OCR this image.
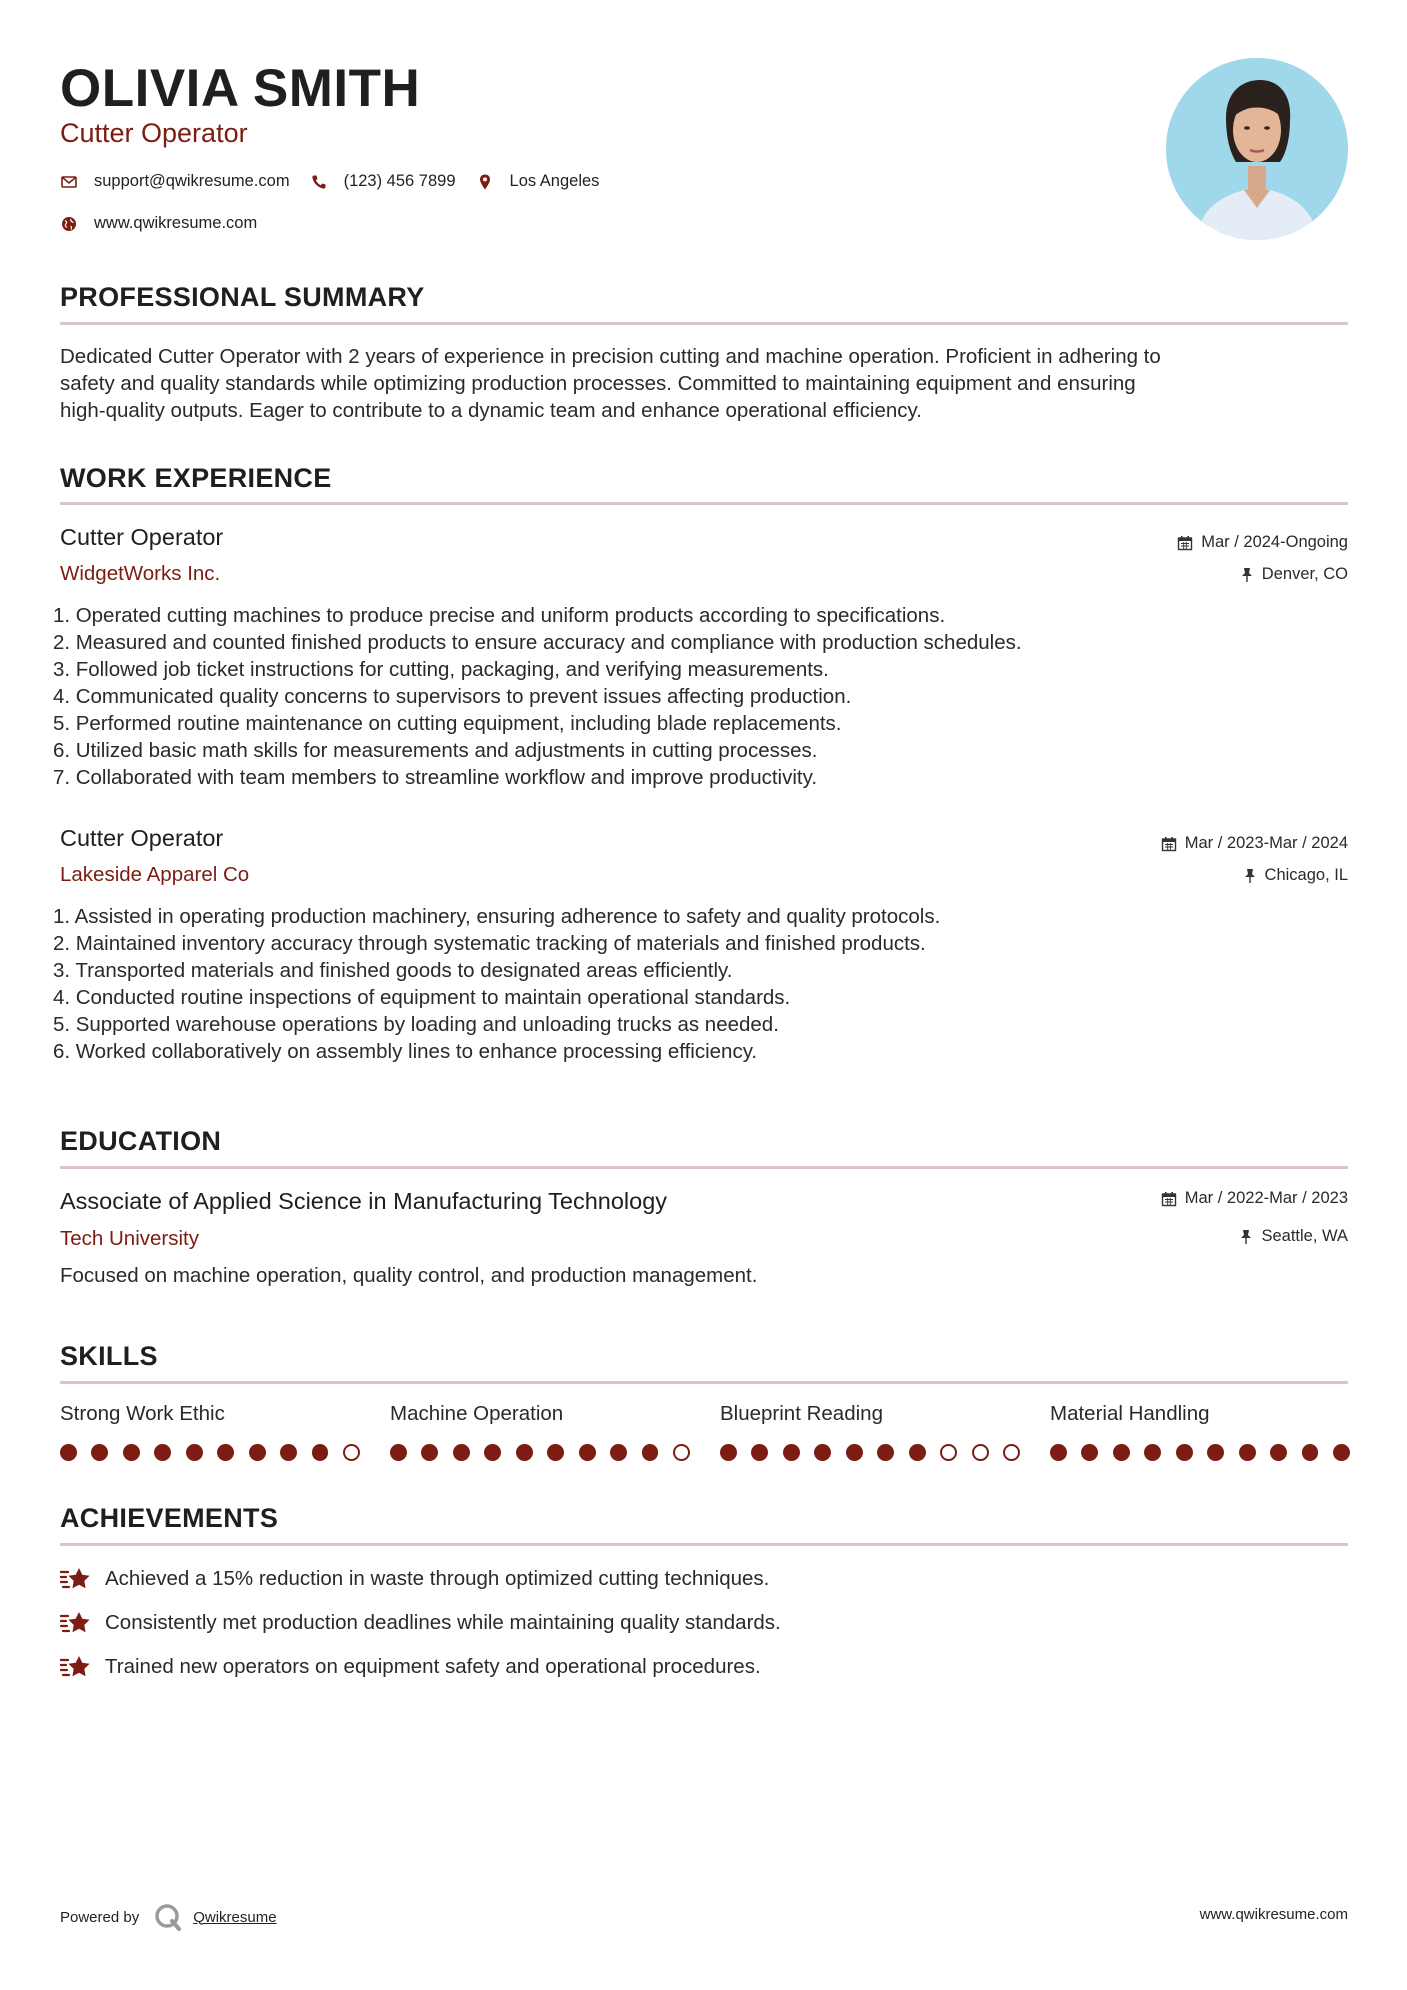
OLIVIA SMITH

Cutter Operator

support@qwikresume.com	(123) 456 7899	Los Angeles
www.qwikresume.com
PROFESSIONAL SUMMARY
Dedicated Cutter Operator with 2 years of experience in precision cutting and machine operation. Proficient in adhering to
safety and quality standards while optimizing production processes. Committed to maintaining equipment and ensuring
high-quality outputs. Eager to contribute to a dynamic team and enhance operational efficiency.
WORK EXPERIENCE

Cutter Operator

WidgetWorks Inc.

Mar / 2024-Ongoing
Denver, CO
1. Operated cutting machines to produce precise and uniform products according to specifications.
2. Measured and counted finished products to ensure accuracy and compliance with production schedules.
3. Followed job ticket instructions for cutting, packaging, and verifying measurements.
4. Communicated quality concerns to supervisors to prevent issues affecting production.
5. Performed routine maintenance on cutting equipment, including blade replacements.
6. Utilized basic math skills for measurements and adjustments in cutting processes.
7. Collaborated with team members to streamline workflow and improve productivity.

Cutter Operator

Lakeside Apparel Co

Mar / 2023-Mar / 2024
Chicago, IL
1. Assisted in operating production machinery, ensuring adherence to safety and quality protocols.
2. Maintained inventory accuracy through systematic tracking of materials and finished products.
3. Transported materials and finished goods to designated areas efficiently.
4. Conducted routine inspections of equipment to maintain operational standards.
5. Supported warehouse operations by loading and unloading trucks as needed.
6. Worked collaboratively on assembly lines to enhance processing efficiency.
EDUCATION

Associate of Applied Science in Manufacturing Technology

Tech University

Mar / 2022-Mar / 2023
Seattle, WA

Focused on machine operation, quality control, and production management.

SKILLS

Strong Work Ethic	Machine Operation	Blueprint Reading	Material Handling

ACHIEVEMENTS
Achieved a 15% reduction in waste through optimized cutting techniques.
Consistently met production deadlines while maintaining quality standards.
Trained new operators on equipment safety and operational procedures.
Powered by	Qwikresume	www.qwikresume.com
